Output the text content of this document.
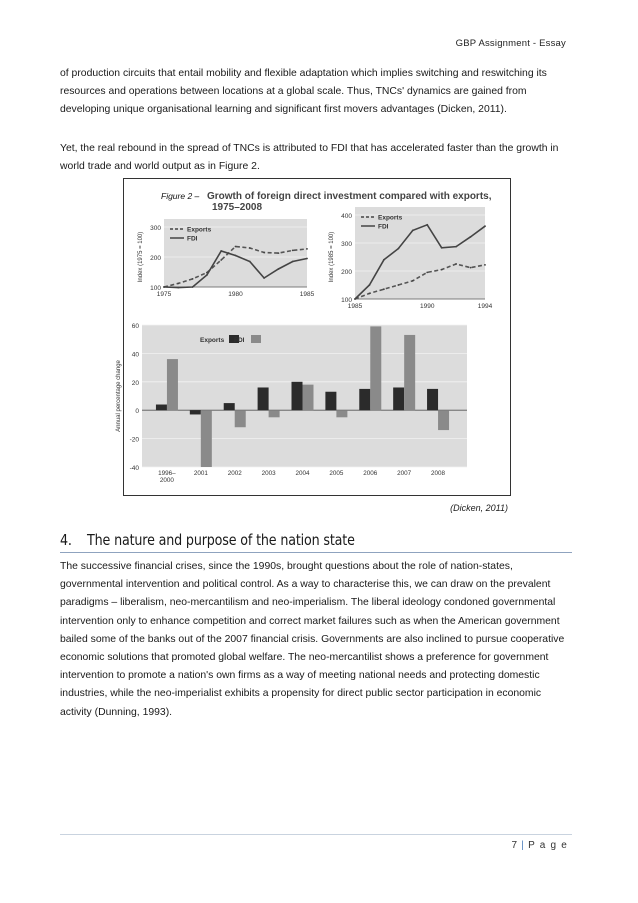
GBP Assignment - Essay

of production circuits that entail mobility and flexible adaptation which implies switching and reswitching its resources and operations between locations at a global scale. Thus, TNCs' dynamics are gained from developing unique organisational learning and significant first movers advantages (Dicken, 2011).

Yet, the real rebound in the spread of TNCs is attributed to FDI that has accelerated faster than the growth in world trade and world output as in Figure 2.

Figure 2 – Growth of foreign direct investment compared with exports,
1975–2008
100
200
300
1975	1980	1985
Index (1975 = 100)
Exports
FDI
100
200
300
400
1985	1990	1994
Index (1985 = 100)
Exports
FDI
-40
-20
0
20
40
60
Annual percentage change
1996– 2000
2001	2002	2003	2004	2005	2006	2007	2008
Exports FDI
(Dicken, 2011)
4. The nature and purpose of the nation state

The successive financial crises, since the 1990s, brought questions about the role of nation-states, governmental intervention and political control. As a way to characterise this, we can draw on the prevalent paradigms – liberalism, neo-mercantilism and neo-imperialism. The liberal ideology condoned governmental intervention only to enhance competition and correct market failures such as when the American government bailed some of the banks out of the 2007 financial crisis. Governments are also inclined to pursue cooperative economic solutions that promoted global welfare. The neo-mercantilist shows a preference for government intervention to promote a nation's own firms as a way of meeting national needs and protecting domestic industries, while the neo-imperialist exhibits a propensity for direct public sector participation in economic activity (Dunning, 1993).

7 | P a g e
